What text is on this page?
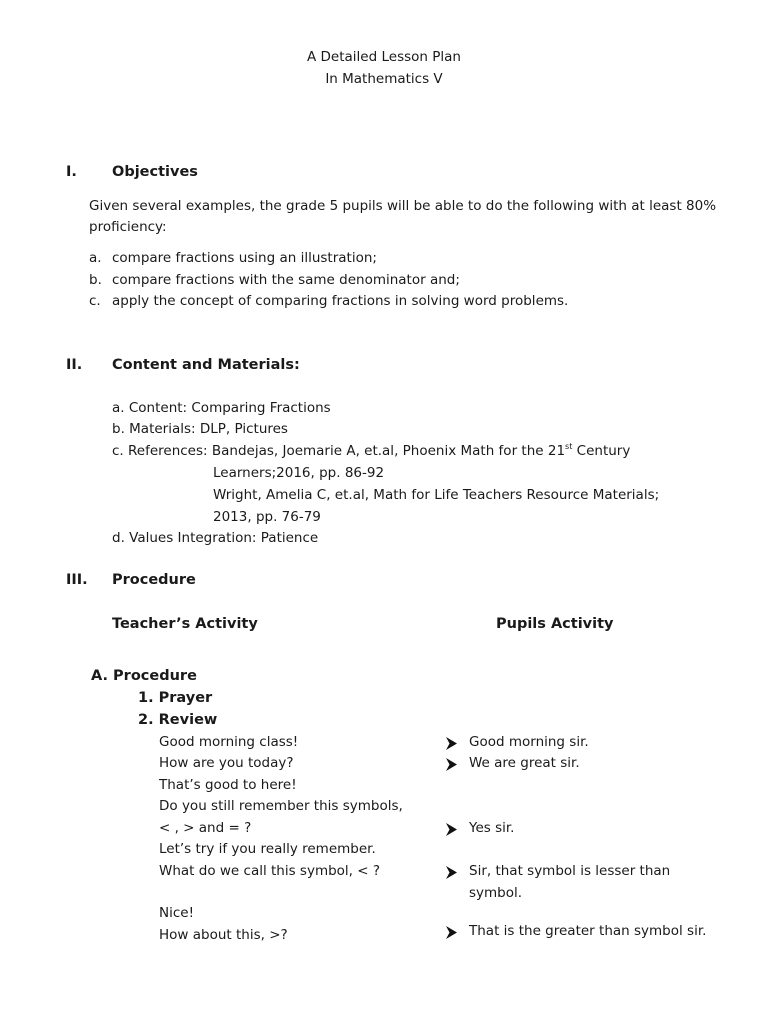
A Detailed Lesson Plan
In Mathematics V
I. Objectives
Given several examples, the grade 5 pupils will be able to do the following with at least 80% proficiency:
a. compare fractions using an illustration;
b. compare fractions with the same denominator and;
c. apply the concept of comparing fractions in solving word problems.
II. Content and Materials:
a. Content: Comparing Fractions
b. Materials: DLP, Pictures
c. References: Bandejas, Joemarie A, et.al, Phoenix Math for the 21st Century
Learners;2016, pp. 86-92
Wright, Amelia C, et.al, Math for Life Teachers Resource Materials;
2013, pp. 76-79
d. Values Integration: Patience
III. Procedure
Teacher’s Activity	Pupils Activity
A. Procedure
1. Prayer
2. Review
Good morning class!
How are you today?
That’s good to here!
Do you still remember this symbols,
< , > and = ?
Let’s try if you really remember.
What do we call this symbol, < ?
Nice!
How about this, >?
Good morning sir.
We are great sir.
Yes sir.
Sir, that symbol is lesser than
symbol.
That is the greater than symbol sir.
